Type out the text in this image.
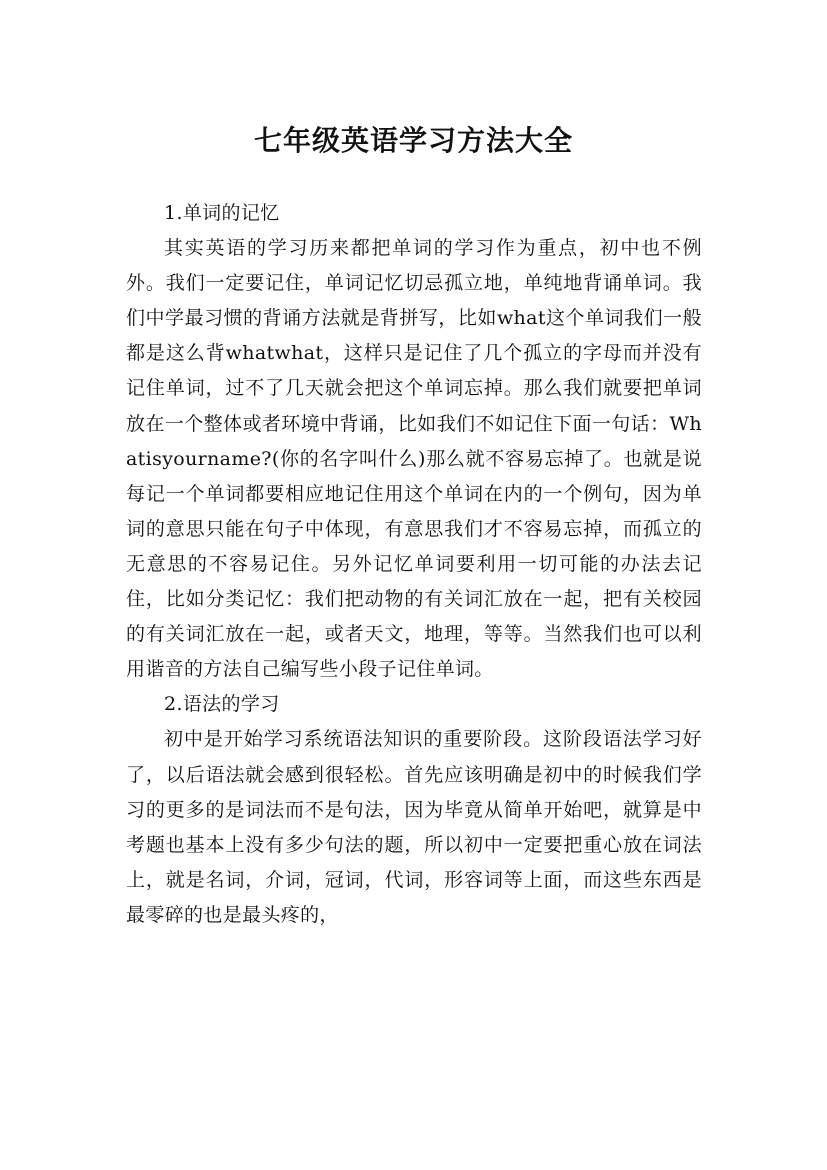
七年级英语学习方法大全

1.单词的记忆

其实英语的学习历来都把单词的学习作为重点，初中也不例外。我们一定要记住，单词记忆切忌孤立地，单纯地背诵单词。我们中学最习惯的背诵方法就是背拼写，比如what这个单词我们一般都是这么背whatwhat，这样只是记住了几个孤立的字母而并没有记住单词，过不了几天就会把这个单词忘掉。那么我们就要把单词放在一个整体或者环境中背诵，比如我们不如记住下面一句话：Whatisyourname?(你的名字叫什么)那么就不容易忘掉了。也就是说每记一个单词都要相应地记住用这个单词在内的一个例句，因为单词的意思只能在句子中体现，有意思我们才不容易忘掉，而孤立的无意思的不容易记住。另外记忆单词要利用一切可能的办法去记住，比如分类记忆：我们把动物的有关词汇放在一起，把有关校园的有关词汇放在一起，或者天文，地理，等等。当然我们也可以利用谐音的方法自己编写些小段子记住单词。

2.语法的学习

初中是开始学习系统语法知识的重要阶段。这阶段语法学习好了，以后语法就会感到很轻松。首先应该明确是初中的时候我们学习的更多的是词法而不是句法，因为毕竟从简单开始吧，就算是中考题也基本上没有多少句法的题，所以初中一定要把重心放在词法上，就是名词，介词，冠词，代词，形容词等上面，而这些东西是最零碎的也是最头疼的，
